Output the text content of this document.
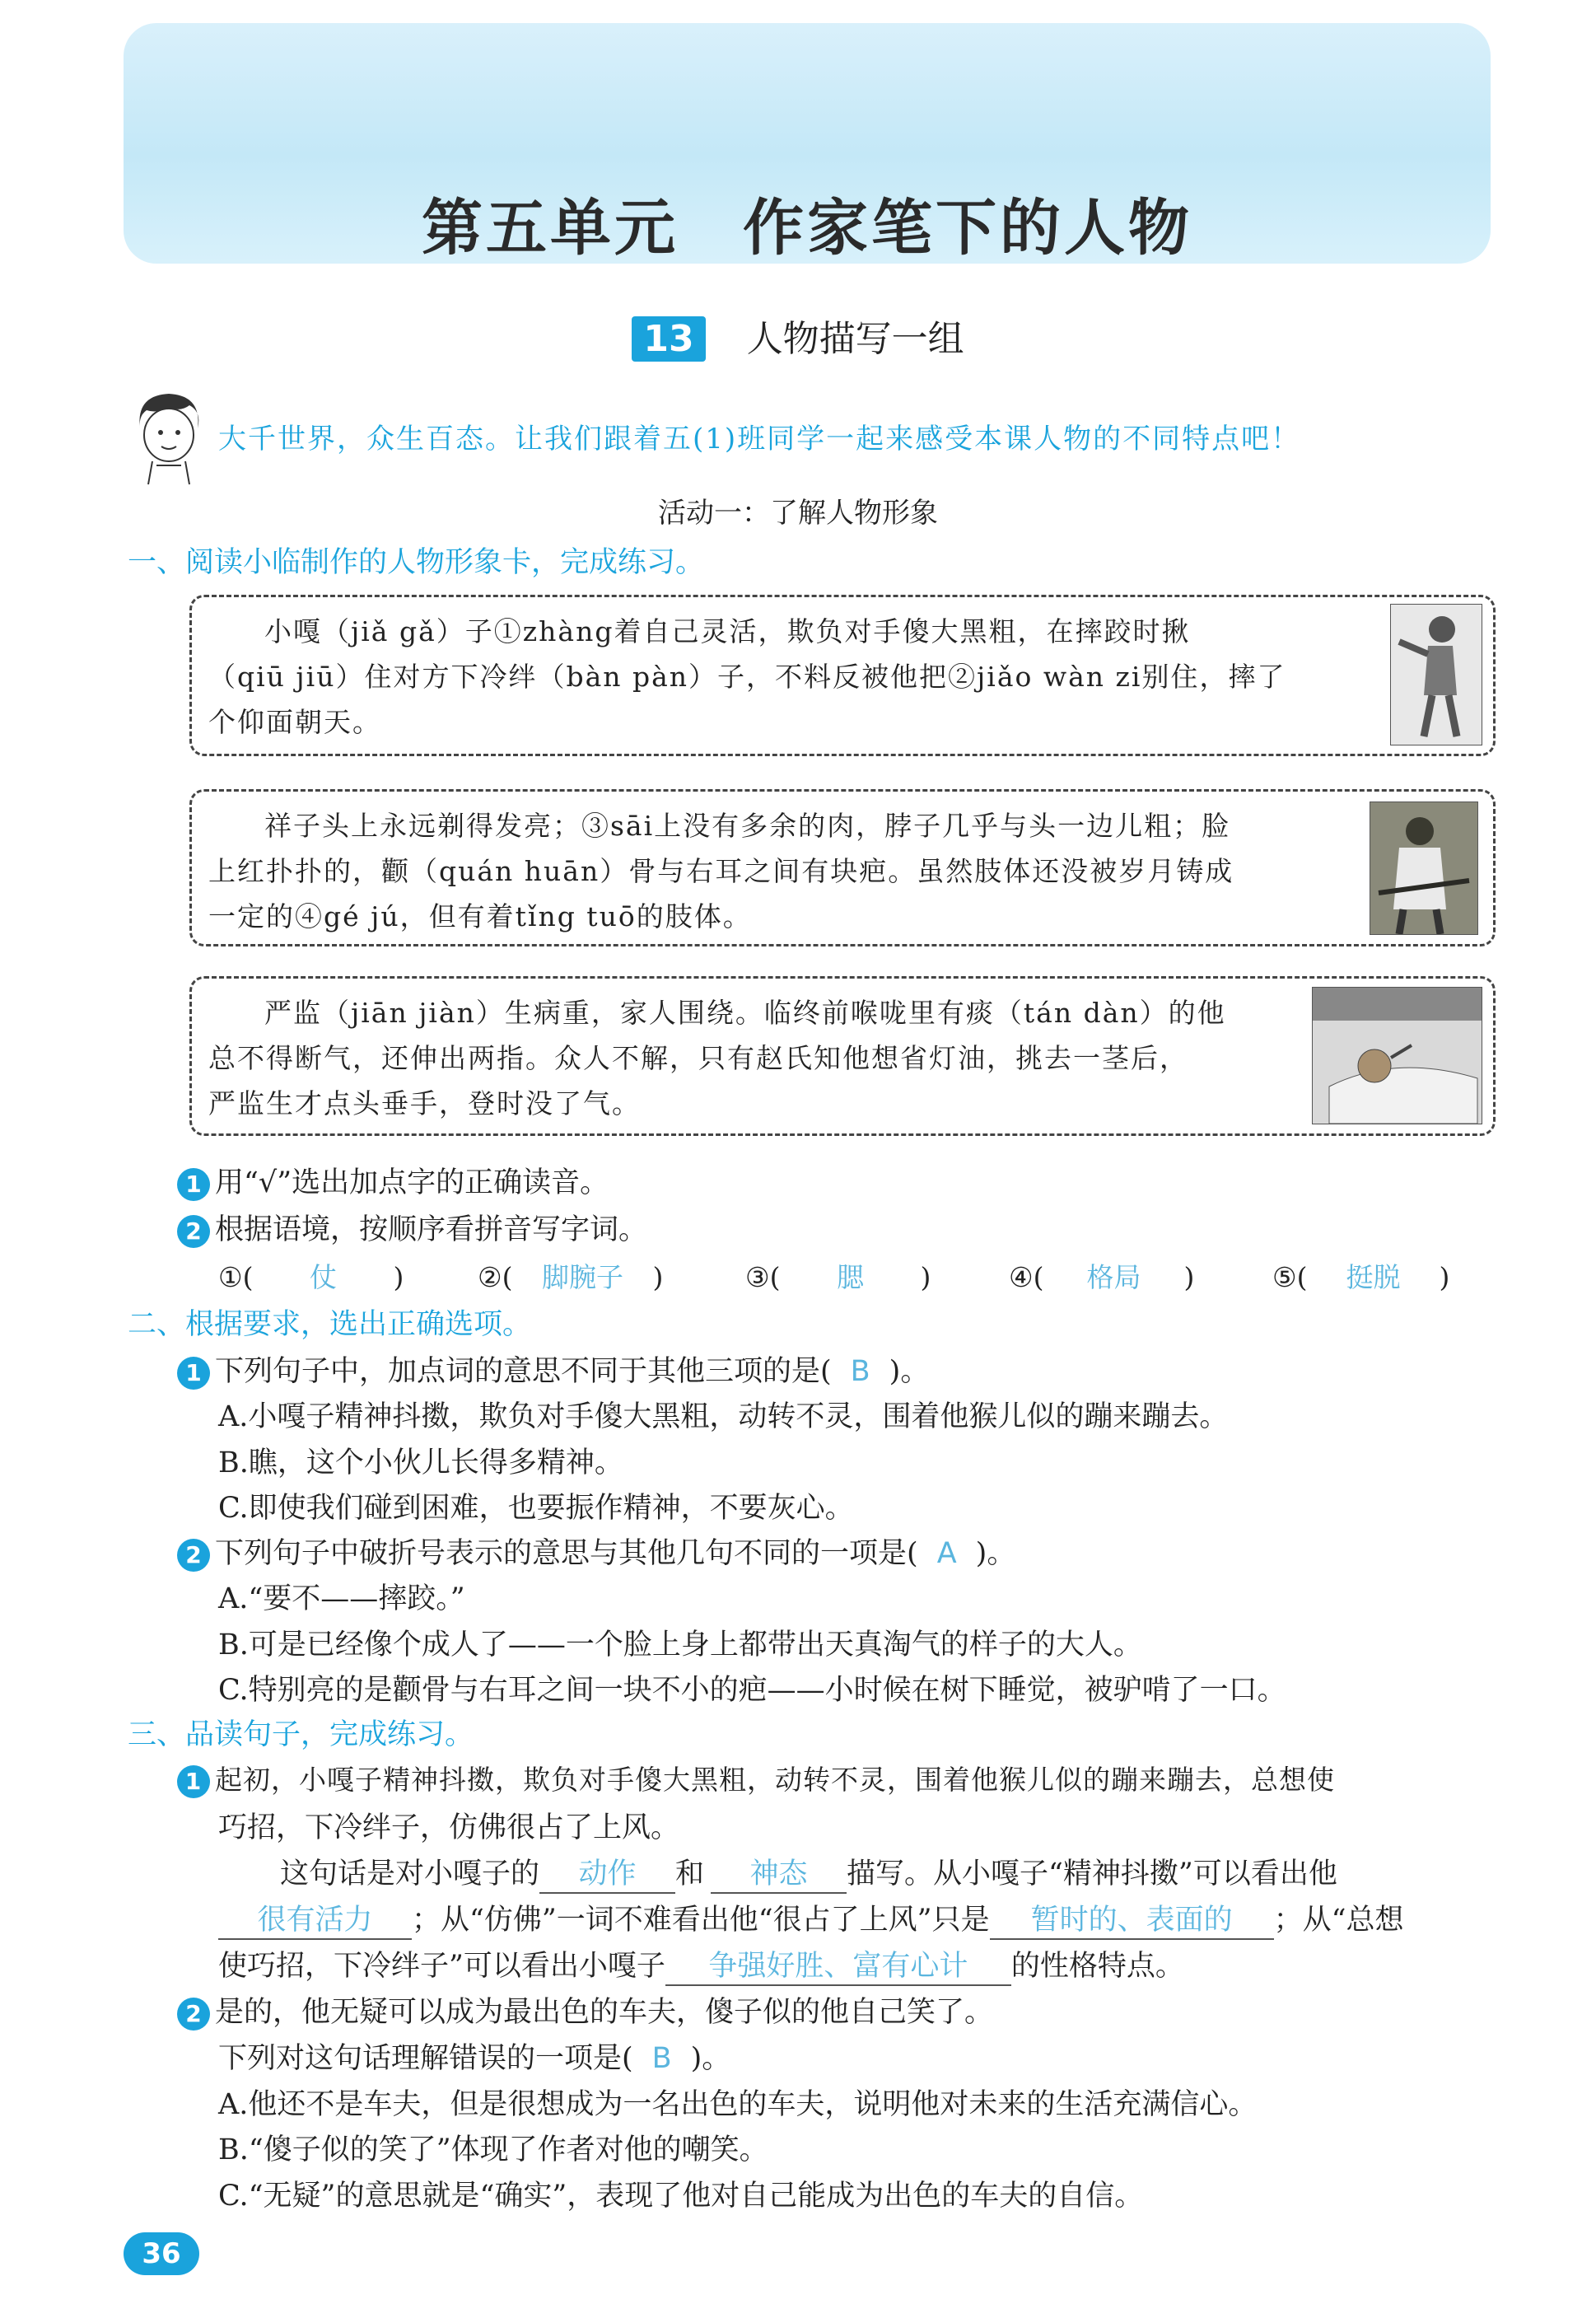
第五单元　作家笔下的人物
13 人物描写一组
大千世界，众生百态。让我们跟着五(1)班同学一起来感受本课人物的不同特点吧！
活动一：了解人物形象
一、阅读小临制作的人物形象卡，完成练习。
小嘎（jiǎ gǎ）子①zhàng着自己灵活，欺负对手傻大黑粗，在摔跤时揪
（qiū jiū）住对方下冷绊（bàn pàn）子，不料反被他把②jiǎo wàn zi别住，摔了
个仰面朝天。
祥子头上永远剃得发亮；③sāi上没有多余的肉，脖子几乎与头一边儿粗；脸
上红扑扑的，颧（quán huān）骨与右耳之间有块疤。虽然肢体还没被岁月铸成
一定的④gé jú，但有着tǐng tuō的肢体。
严监（jiān jiàn）生病重，家人围绕。临终前喉咙里有痰（tán dàn）的他
总不得断气，还伸出两指。众人不解，只有赵氏知他想省灯油，挑去一茎后，
严监生才点头垂手，登时没了气。
1 用“√”选出加点字的正确读音。
2 根据语境，按顺序看拼音写字词。
①( 仗 )	②( 脚腕子 )	③( 腮 )	④( 格局 )	⑤( 挺脱 )
二、根据要求，选出正确选项。
1 下列句子中，加点词的意思不同于其他三项的是( B )。
A.小嘎子精神抖擞，欺负对手傻大黑粗，动转不灵，围着他猴儿似的蹦来蹦去。
B.瞧，这个小伙儿长得多精神。
C.即使我们碰到困难，也要振作精神，不要灰心。
2 下列句子中破折号表示的意思与其他几句不同的一项是( A )。
A.“要不——摔跤。”
B.可是已经像个成人了——一个脸上身上都带出天真淘气的样子的大人。
C.特别亮的是颧骨与右耳之间一块不小的疤——小时候在树下睡觉，被驴啃了一口。
三、品读句子，完成练习。
1 起初，小嘎子精神抖擞，欺负对手傻大黑粗，动转不灵，围着他猴儿似的蹦来蹦去，总想使
巧招，下冷绊子，仿佛很占了上风。
这句话是对小嘎子的 动作 和 神态 描写。从小嘎子“精神抖擞”可以看出他
很有活力 ；从“仿佛”一词不难看出他“很占了上风”只是 暂时的、表面的 ；从“总想
使巧招，下冷绊子”可以看出小嘎子 争强好胜、富有心计 的性格特点。
2 是的，他无疑可以成为最出色的车夫，傻子似的他自己笑了。
下列对这句话理解错误的一项是( B )。
A.他还不是车夫，但是很想成为一名出色的车夫，说明他对未来的生活充满信心。
B.“傻子似的笑了”体现了作者对他的嘲笑。
C.“无疑”的意思就是“确实”，表现了他对自己能成为出色的车夫的自信。
36
